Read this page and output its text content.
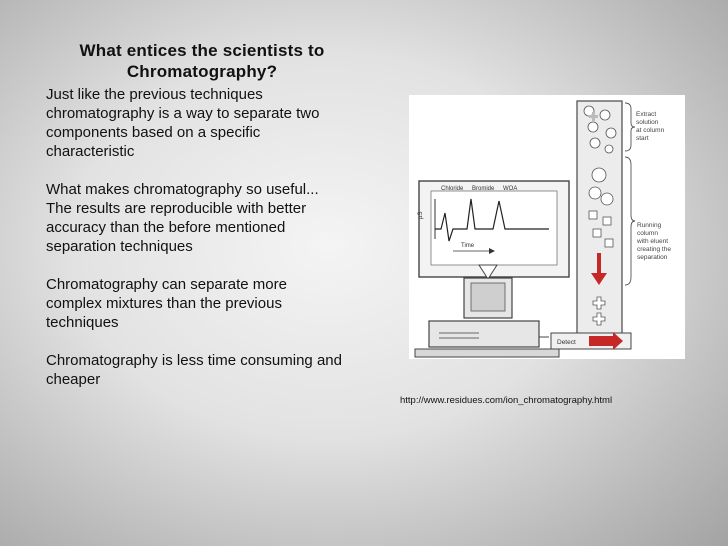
What entices the scientists to Chromatography?

Just like the previous techniques chromatography is a way to separate two components based on a specific characteristic

What makes chromatography so useful...

The results are reproducible with better accuracy than the before mentioned separation techniques

Chromatography can separate more complex mixtures than the previous techniques

Chromatography is less time consuming and cheaper

Chloride Bromide WOA
µS
Time
Detect
Extract
solution
at column
start
Running
column
with eluent
creating the
separation
http://www.residues.com/ion_chromatography.html
